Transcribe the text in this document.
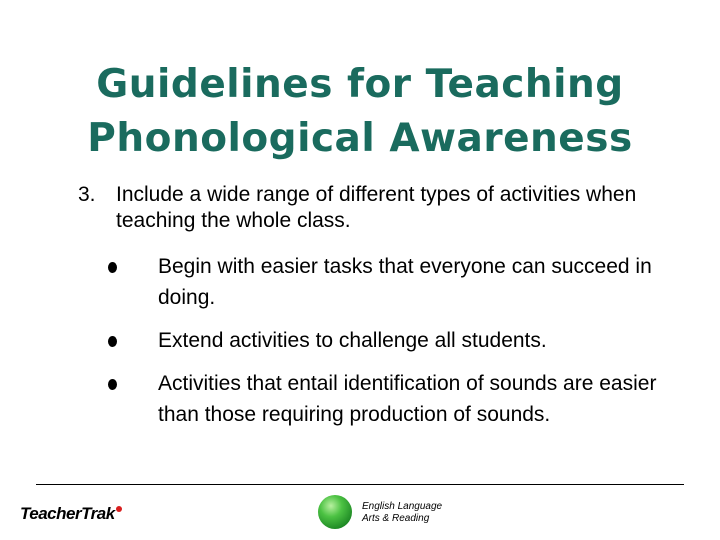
Guidelines for Teaching
Phonological Awareness
3. Include a wide range of different types of activities when teaching the whole class.
Begin with easier tasks that everyone can succeed in doing.
Extend activities to challenge all students.
Activities that entail identification of sounds are easier than those requiring production of sounds.
TeacherTrak	English Language
Arts & Reading
